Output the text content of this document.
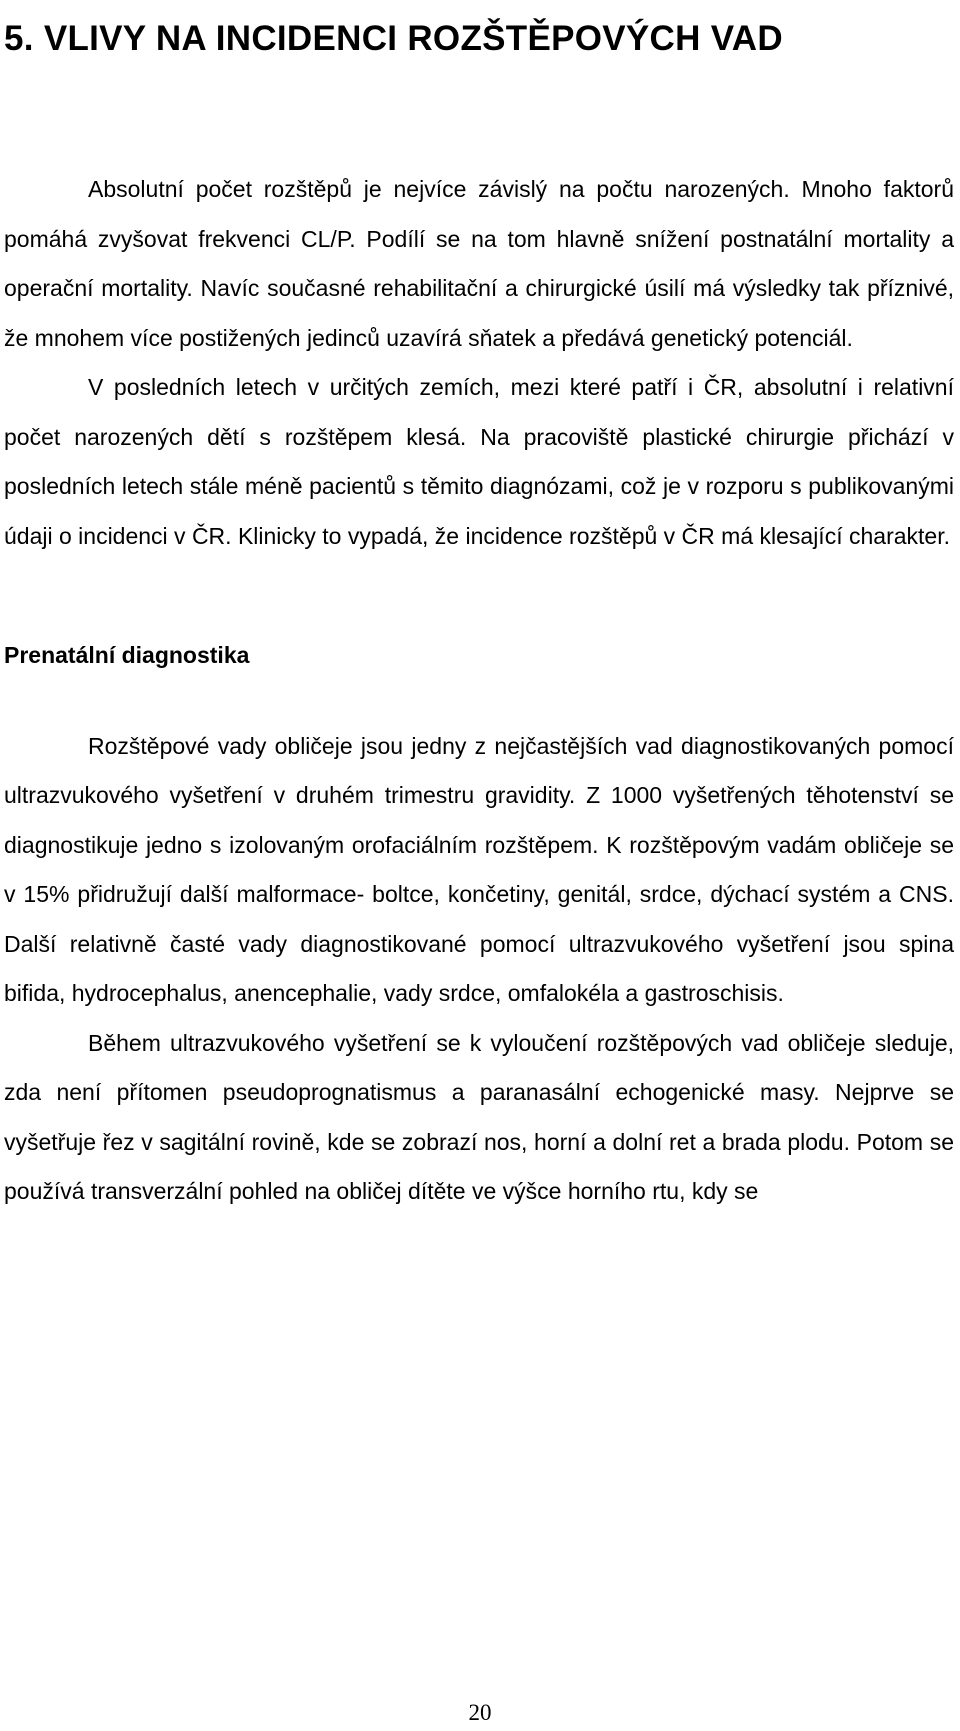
5. VLIVY NA INCIDENCI ROZŠTĚPOVÝCH VAD

Absolutní počet rozštěpů je nejvíce závislý na počtu narozených. Mnoho faktorů pomáhá zvyšovat frekvenci CL/P. Podílí se na tom hlavně snížení postnatální mortality a operační mortality. Navíc současné rehabilitační a chirurgické úsilí má výsledky tak příznivé, že mnohem více postižených jedinců uzavírá sňatek a předává genetický potenciál.

V posledních letech v určitých zemích, mezi které patří i ČR, absolutní i relativní počet narozených dětí s rozštěpem klesá. Na pracoviště plastické chirurgie přichází v posledních letech stále méně pacientů s těmito diagnózami, což je v rozporu s publikovanými údaji o incidenci v ČR. Klinicky to vypadá, že incidence rozštěpů v ČR má klesající charakter.

Prenatální diagnostika

Rozštěpové vady obličeje jsou jedny z nejčastějších vad diagnostikovaných pomocí ultrazvukového vyšetření v druhém trimestru gravidity. Z 1000 vyšetřených těhotenství se diagnostikuje jedno s izolovaným orofaciálním rozštěpem. K rozštěpovým vadám obličeje se v 15% přidružují další malformace- boltce, končetiny, genitál, srdce, dýchací systém a CNS. Další relativně časté vady diagnostikované pomocí ultrazvukového vyšetření jsou spina bifida, hydrocephalus, anencephalie, vady srdce, omfalokéla a gastroschisis.

Během ultrazvukového vyšetření se k vyloučení rozštěpových vad obličeje sleduje, zda není přítomen pseudoprognatismus a paranasální echogenické masy. Nejprve se vyšetřuje řez v sagitální rovině, kde se zobrazí nos, horní a dolní ret a brada plodu. Potom se používá transverzální pohled na obličej dítěte ve výšce horního rtu, kdy se

20
